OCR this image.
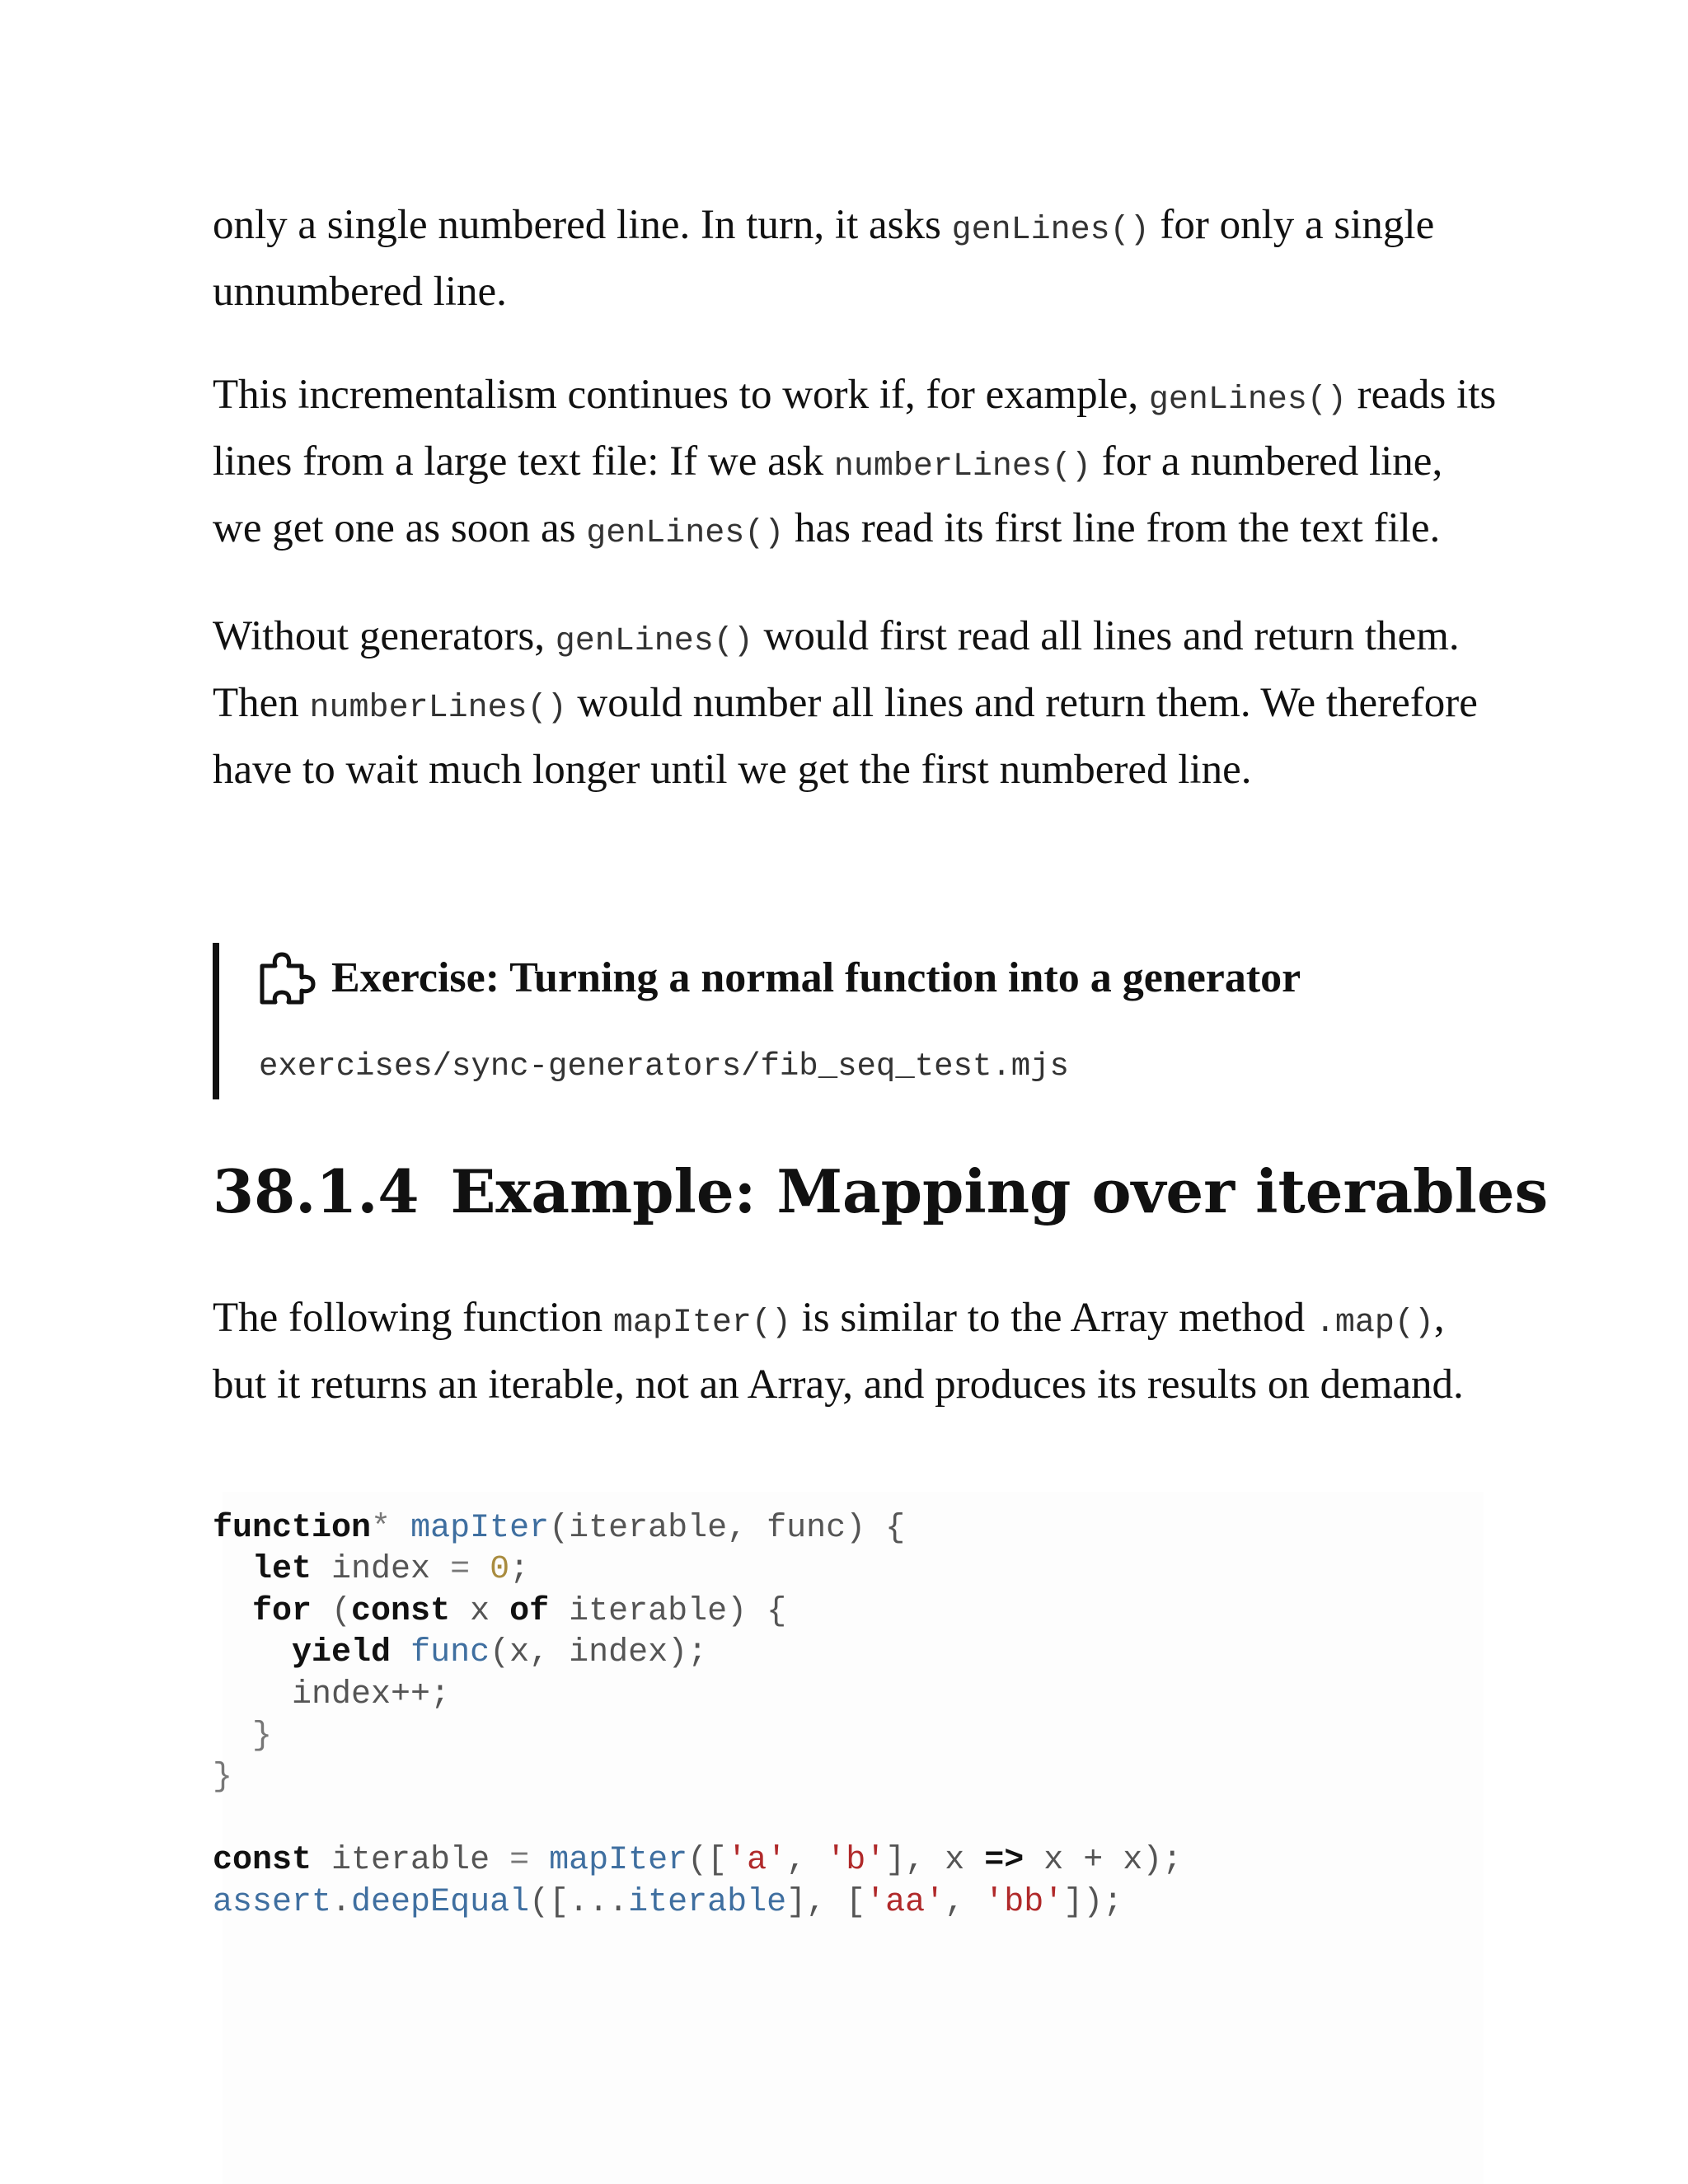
only a single numbered line. In turn, it asks genLines() for only a single unnumbered line.

This incrementalism continues to work if, for example, genLines() reads its lines from a large text file: If we ask numberLines() for a numbered line, we get one as soon as genLines() has read its first line from the text file.

Without generators, genLines() would first read all lines and return them. Then numberLines() would number all lines and return them. We therefore have to wait much longer until we get the first numbered line.

Exercise: Turning a normal function into a generator
exercises/sync-generators/fib_seq_test.mjs
38.1.4 Example: Mapping over iterables

The following function mapIter() is similar to the Array method .map(), but it returns an iterable, not an Array, and produces its results on demand.

function* mapIter(iterable, func) {
let index = 0;
for (const x of iterable) {
yield func(x, index);
index++;
}
}

const iterable = mapIter(['a', 'b'], x => x + x);
assert.deepEqual([...iterable], ['aa', 'bb']);
